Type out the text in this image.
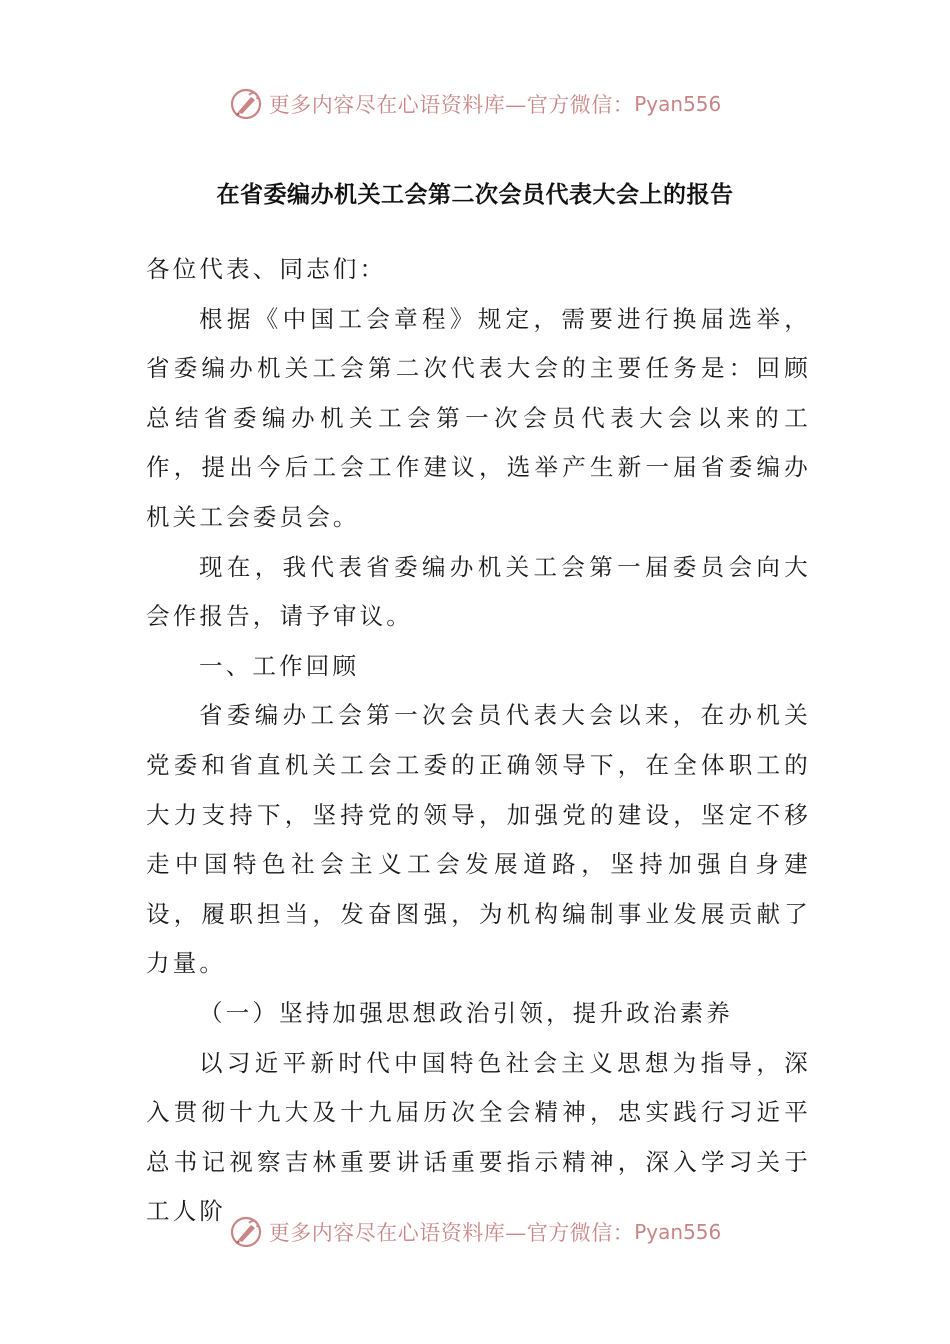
更多内容尽在心语资料库—官方微信： Pyan556
在省委编办机关工会第二次会员代表大会上的报告

各位代表、同志们：

根据《中国工会章程》规定，需要进行换届选举，省委编办机关工会第二次代表大会的主要任务是：回顾总结省委编办机关工会第一次会员代表大会以来的工作，提出今后工会工作建议，选举产生新一届省委编办机关工会委员会。

现在，我代表省委编办机关工会第一届委员会向大会作报告，请予审议。

一、工作回顾

省委编办工会第一次会员代表大会以来，在办机关党委和省直机关工会工委的正确领导下，在全体职工的大力支持下，坚持党的领导，加强党的建设，坚定不移走中国特色社会主义工会发展道路，坚持加强自身建设，履职担当，发奋图强，为机构编制事业发展贡献了力量。

（一）坚持加强思想政治引领，提升政治素养

以习近平新时代中国特色社会主义思想为指导，深入贯彻十九大及十九届历次全会精神，忠实践行习近平总书记视察吉林重要讲话重要指示精神，深入学习关于工人阶

更多内容尽在心语资料库—官方微信： Pyan556
